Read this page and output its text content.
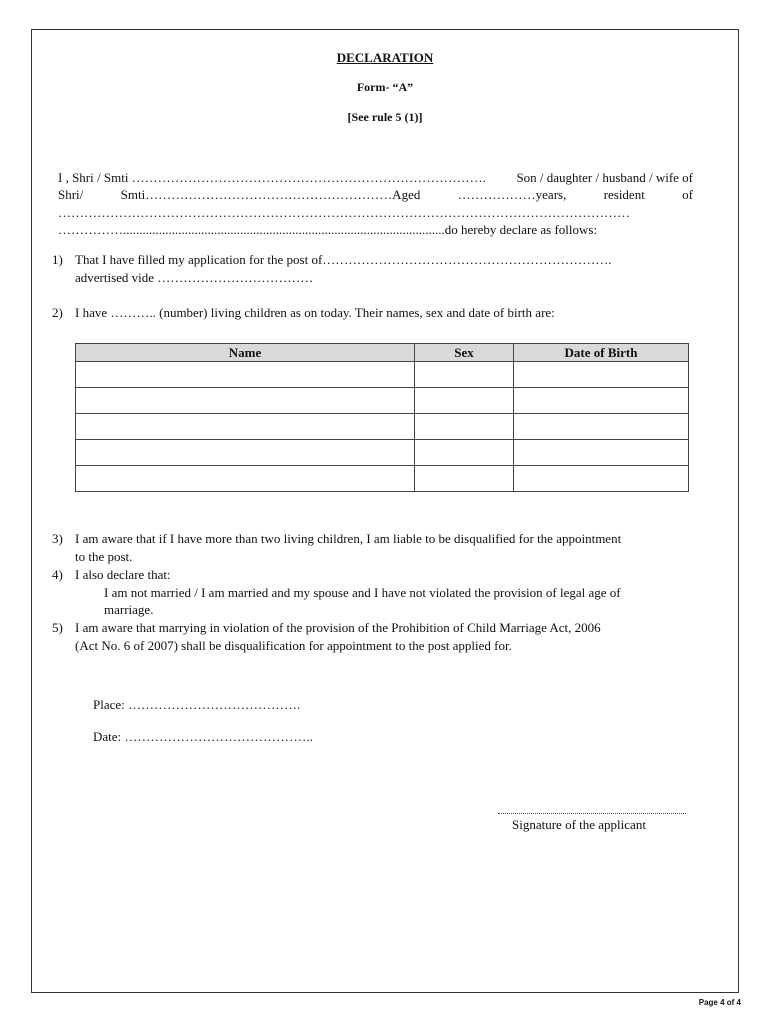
DECLARATION
Form- “A”
[See rule 5 (1)]
I , Shri / Smti ………………………………………………………………………. Son / daughter / husband / wife of
Shri/	Smti…………………………………………………Aged	………………years,	resident	of
……………………………………………………………………………………………………………………
……………...................................................................................................do hereby declare as follows:
1) That I have filled my application for the post of………………………………………………………….
advertised vide ………………………………
2) I have ……….. (number) living children as on today. Their names, sex and date of birth are:
Name	Sex	Date of Birth

3) I am aware that if I have more than two living children, I am liable to be disqualified for the appointment
to the post.
4) I also declare that:
I am not married / I am married and my spouse and I have not violated the provision of legal age of
marriage.
5) I am aware that marrying in violation of the provision of the Prohibition of Child Marriage Act, 2006
(Act No. 6 of 2007) shall be disqualification for appointment to the post applied for.
Place: ………………………………….
Date: ……………………………………..
Signature of the applicant
Page 4 of 4
